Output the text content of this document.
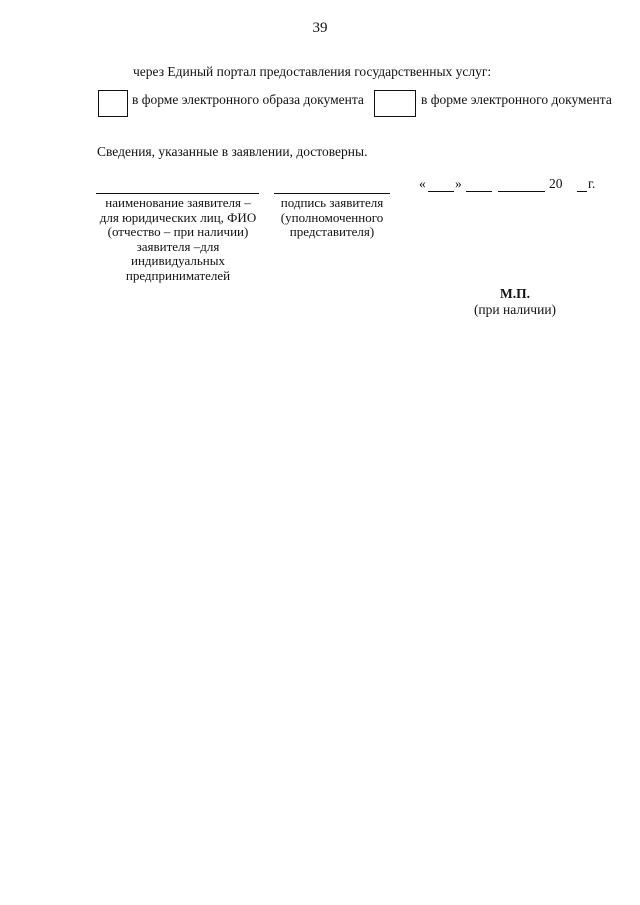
39
через Единый портал предоставления государственных услуг:
в форме электронного образа документа	в форме электронного документа
Сведения, указанные в заявлении, достоверны.
наименование заявителя –
для юридических лиц, ФИО
(отчество – при наличии)
заявителя –для
индивидуальных
предпринимателей
подпись заявителя
(уполномоченного
представителя)
« »	20 г.
М.П.
(при наличии)
